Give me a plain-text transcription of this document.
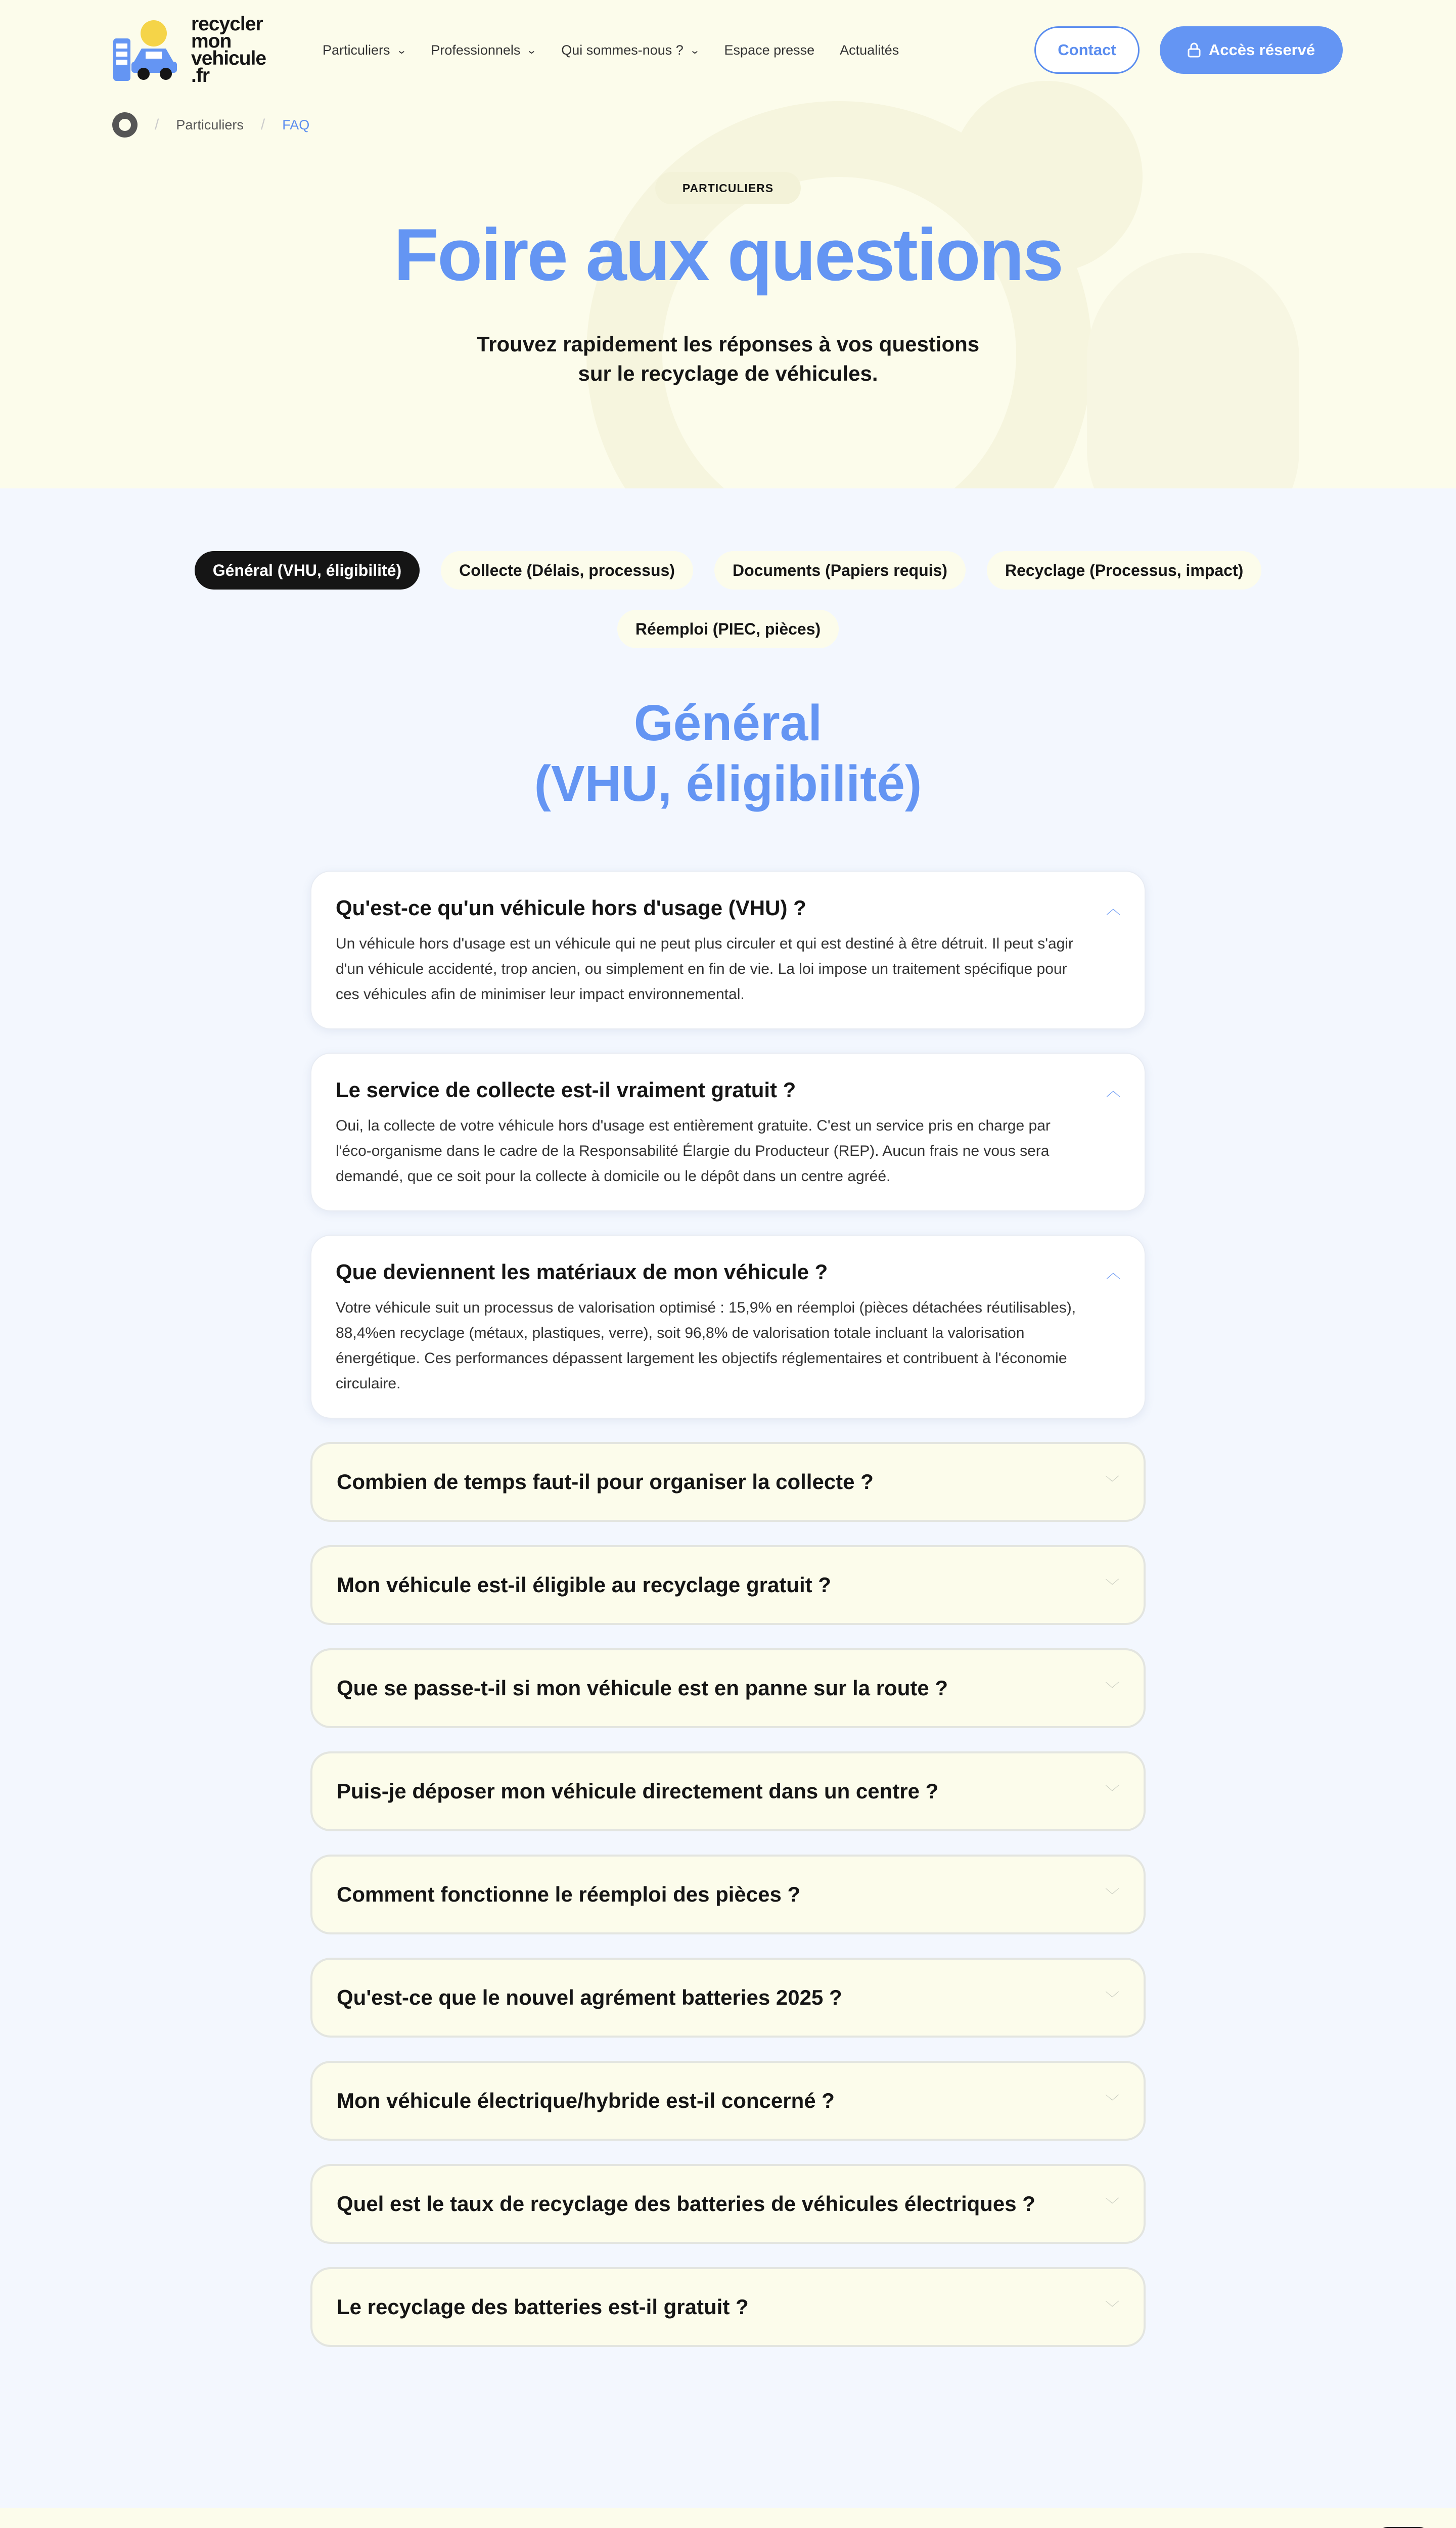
recycler
mon
vehicule
.fr
Particuliers ⌄ Professionnels ⌄ Qui sommes-nous ? ⌄ Espace presse Actualités	Contact	Accès réservé
/ Particuliers / FAQ
PARTICULIERS
Foire aux questions

Trouvez rapidement les réponses à vos questions
sur le recyclage de véhicules.

Général (VHU, éligibilité)	Collecte (Délais, processus)	Documents (Papiers requis)	Recyclage (Processus, impact)
Réemploi (PIEC, pièces)
Général
(VHU, éligibilité)
Qu'est-ce qu'un véhicule hors d'usage (VHU) ?	︿
Un véhicule hors d'usage est un véhicule qui ne peut plus circuler et qui est destiné à être détruit. Il peut s'agir d'un véhicule accidenté, trop ancien, ou simplement en fin de vie. La loi impose un traitement spécifique pour ces véhicules afin de minimiser leur impact environnemental.
Le service de collecte est-il vraiment gratuit ?	︿
Oui, la collecte de votre véhicule hors d'usage est entièrement gratuite. C'est un service pris en charge par l'éco-organisme dans le cadre de la Responsabilité Élargie du Producteur (REP). Aucun frais ne vous sera demandé, que ce soit pour la collecte à domicile ou le dépôt dans un centre agréé.
Que deviennent les matériaux de mon véhicule ?	︿
Votre véhicule suit un processus de valorisation optimisé : 15,9% en réemploi (pièces détachées réutilisables), 88,4%en recyclage (métaux, plastiques, verre), soit 96,8% de valorisation totale incluant la valorisation énergétique. Ces performances dépassent largement les objectifs réglementaires et contribuent à l'économie circulaire.
Combien de temps faut-il pour organiser la collecte ?	﹀
Mon véhicule est-il éligible au recyclage gratuit ?	﹀
Que se passe-t-il si mon véhicule est en panne sur la route ?	﹀
Puis-je déposer mon véhicule directement dans un centre ?	﹀
Comment fonctionne le réemploi des pièces ?	﹀
Qu'est-ce que le nouvel agrément batteries 2025 ?	﹀
Mon véhicule électrique/hybride est-il concerné ?	﹀
Quel est le taux de recyclage des batteries de véhicules électriques ?	﹀
Le recyclage des batteries est-il gratuit ?	﹀
